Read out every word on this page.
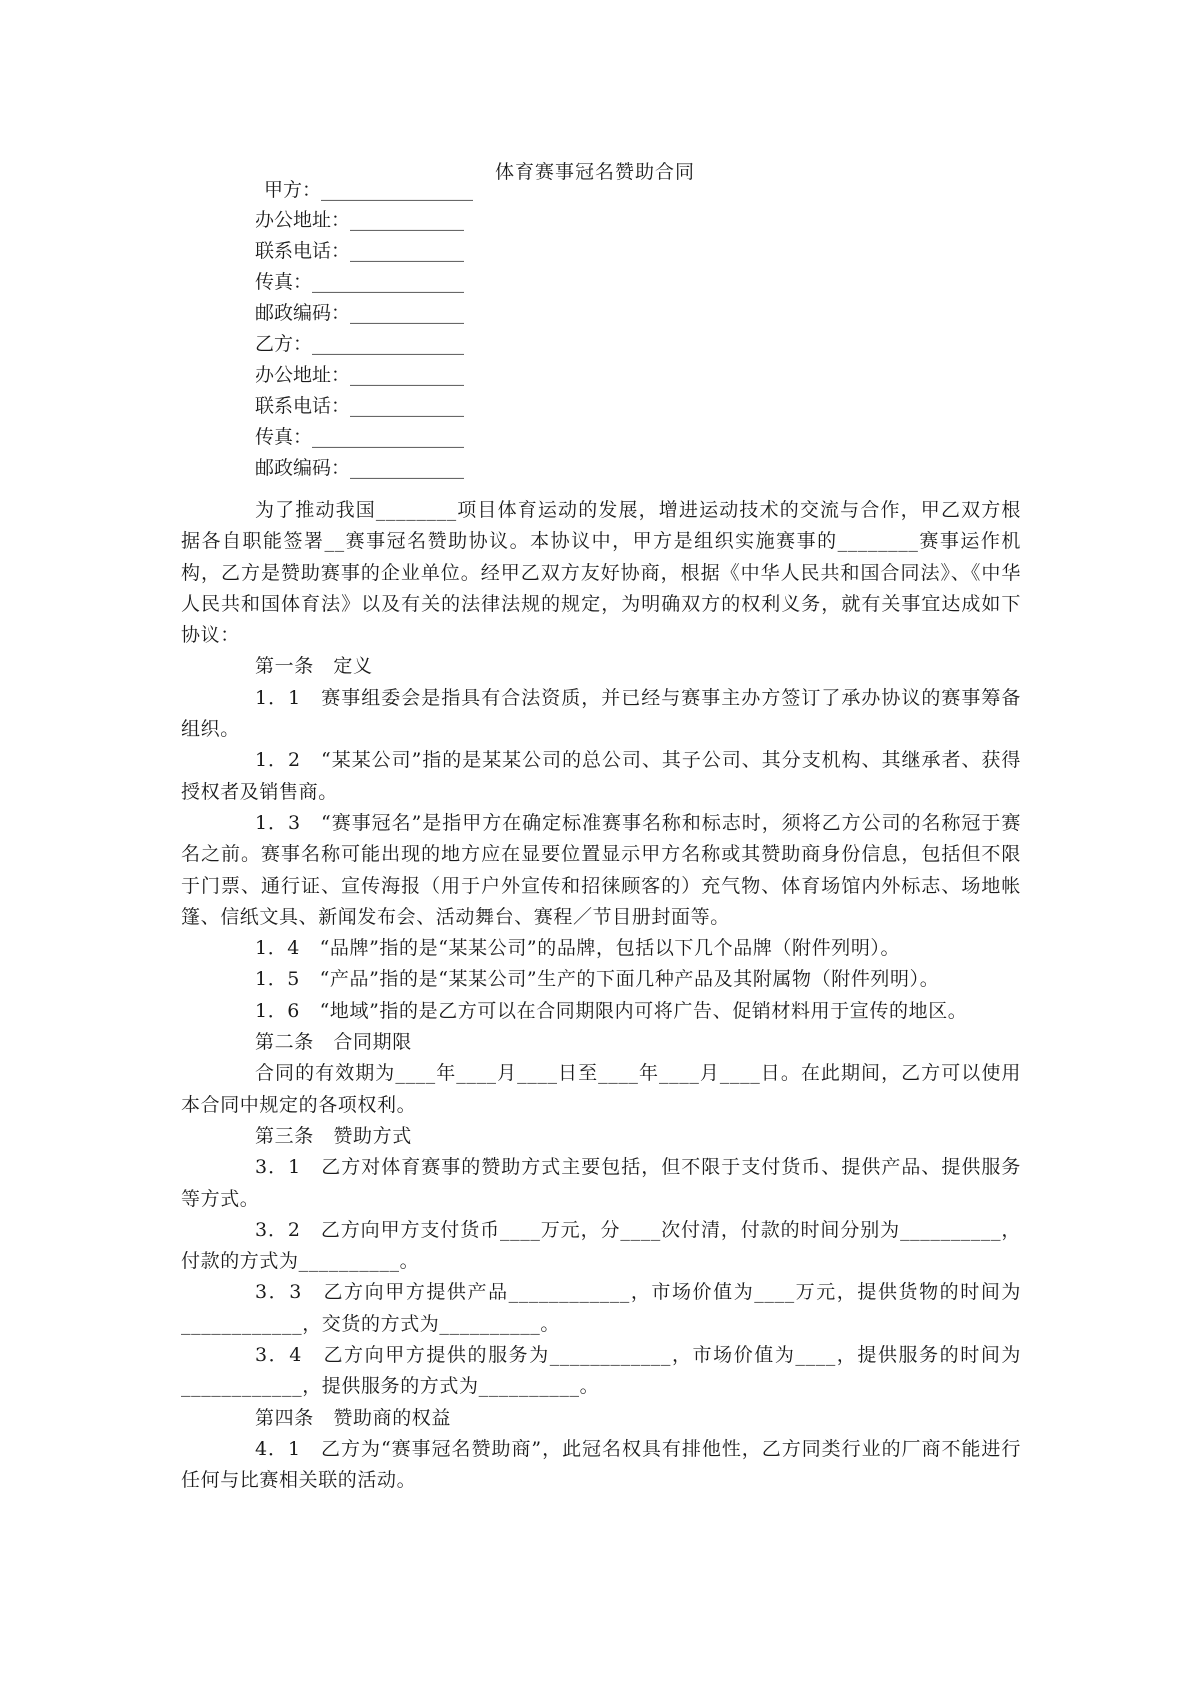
体育赛事冠名赞助合同
甲方：________________
办公地址：____________
联系电话：____________
传真：________________
邮政编码：____________
乙方：________________
办公地址：____________
联系电话：____________
传真：________________
邮政编码：____________

为了推动我国________项目体育运动的发展，增进运动技术的交流与合作，甲乙双方根据各自职能签署__赛事冠名赞助协议。本协议中，甲方是组织实施赛事的________赛事运作机构，乙方是赞助赛事的企业单位。经甲乙双方友好协商，根据《中华人民共和国合同法》、《中华人民共和国体育法》以及有关的法律法规的规定，为明确双方的权利义务，就有关事宜达成如下协议：

第一条　定义

1．1　赛事组委会是指具有合法资质，并已经与赛事主办方签订了承办协议的赛事筹备组织。

1．2　“某某公司”指的是某某公司的总公司、其子公司、其分支机构、其继承者、获得授权者及销售商。

1．3　“赛事冠名”是指甲方在确定标准赛事名称和标志时，须将乙方公司的名称冠于赛名之前。赛事名称可能出现的地方应在显要位置显示甲方名称或其赞助商身份信息，包括但不限于门票、通行证、宣传海报（用于户外宣传和招徕顾客的）充气物、体育场馆内外标志、场地帐篷、信纸文具、新闻发布会、活动舞台、赛程／节目册封面等。

1．4　“品牌”指的是“某某公司”的品牌，包括以下几个品牌（附件列明）。

1．5　“产品”指的是“某某公司”生产的下面几种产品及其附属物（附件列明）。

1．6　“地域”指的是乙方可以在合同期限内可将广告、促销材料用于宣传的地区。

第二条　合同期限

合同的有效期为____年____月____日至____年____月____日。在此期间，乙方可以使用本合同中规定的各项权利。

第三条　赞助方式

3．1　乙方对体育赛事的赞助方式主要包括，但不限于支付货币、提供产品、提供服务等方式。

3．2　乙方向甲方支付货币____万元，分____次付清，付款的时间分别为__________，付款的方式为__________。

3．3　乙方向甲方提供产品____________，市场价值为____万元，提供货物的时间为____________，交货的方式为__________。

3．4　乙方向甲方提供的服务为____________，市场价值为____，提供服务的时间为____________，提供服务的方式为__________。

第四条　赞助商的权益

4．1　乙方为“赛事冠名赞助商”，此冠名权具有排他性，乙方同类行业的厂商不能进行任何与比赛相关联的活动。
